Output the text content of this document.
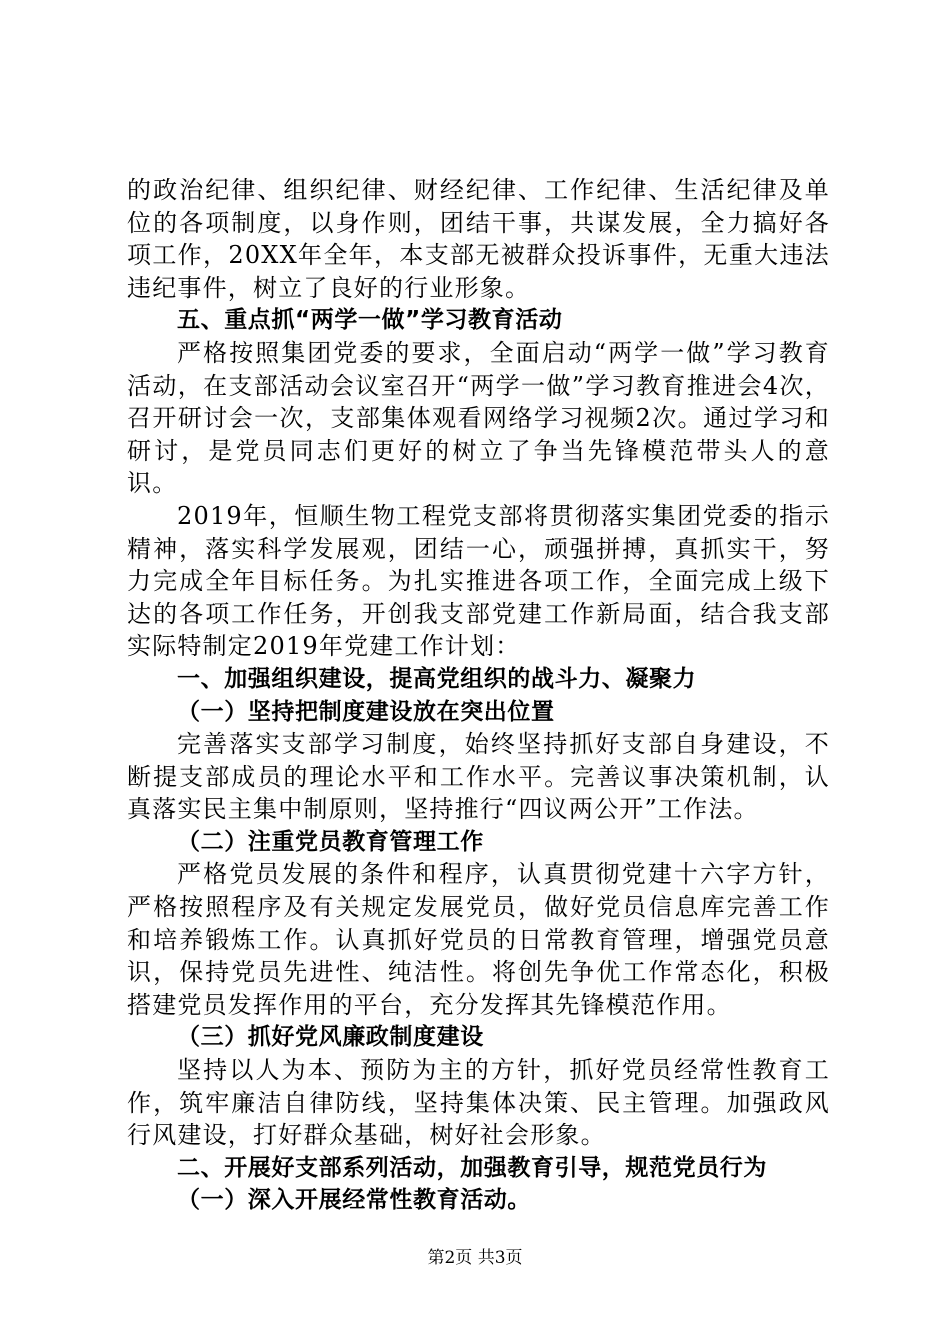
的政治纪律、组织纪律、财经纪律、工作纪律、生活纪律及单位的各项制度，以身作则，团结干事，共谋发展，全力搞好各项工作，20XX年全年，本支部无被群众投诉事件，无重大违法违纪事件，树立了良好的行业形象。

五、重点抓“两学一做”学习教育活动

严格按照集团党委的要求，全面启动“两学一做”学习教育活动，在支部活动会议室召开“两学一做”学习教育推进会4次，召开研讨会一次，支部集体观看网络学习视频2次。通过学习和研讨，是党员同志们更好的树立了争当先锋模范带头人的意识。

2019年，恒顺生物工程党支部将贯彻落实集团党委的指示精神，落实科学发展观，团结一心，顽强拼搏，真抓实干，努力完成全年目标任务。为扎实推进各项工作，全面完成上级下达的各项工作任务，开创我支部党建工作新局面，结合我支部实际特制定2019年党建工作计划：

一、加强组织建设，提高党组织的战斗力、凝聚力

（一）坚持把制度建设放在突出位置

完善落实支部学习制度，始终坚持抓好支部自身建设，不断提支部成员的理论水平和工作水平。完善议事决策机制，认真落实民主集中制原则，坚持推行“四议两公开”工作法。

（二）注重党员教育管理工作

严格党员发展的条件和程序，认真贯彻党建十六字方针，严格按照程序及有关规定发展党员，做好党员信息库完善工作和培养锻炼工作。认真抓好党员的日常教育管理，增强党员意识，保持党员先进性、纯洁性。将创先争优工作常态化，积极搭建党员发挥作用的平台，充分发挥其先锋模范作用。

（三）抓好党风廉政制度建设

坚持以人为本、预防为主的方针，抓好党员经常性教育工作，筑牢廉洁自律防线，坚持集体决策、民主管理。加强政风行风建设，打好群众基础，树好社会形象。

二、开展好支部系列活动，加强教育引导，规范党员行为

（一）深入开展经常性教育活动。

第2页 共3页
